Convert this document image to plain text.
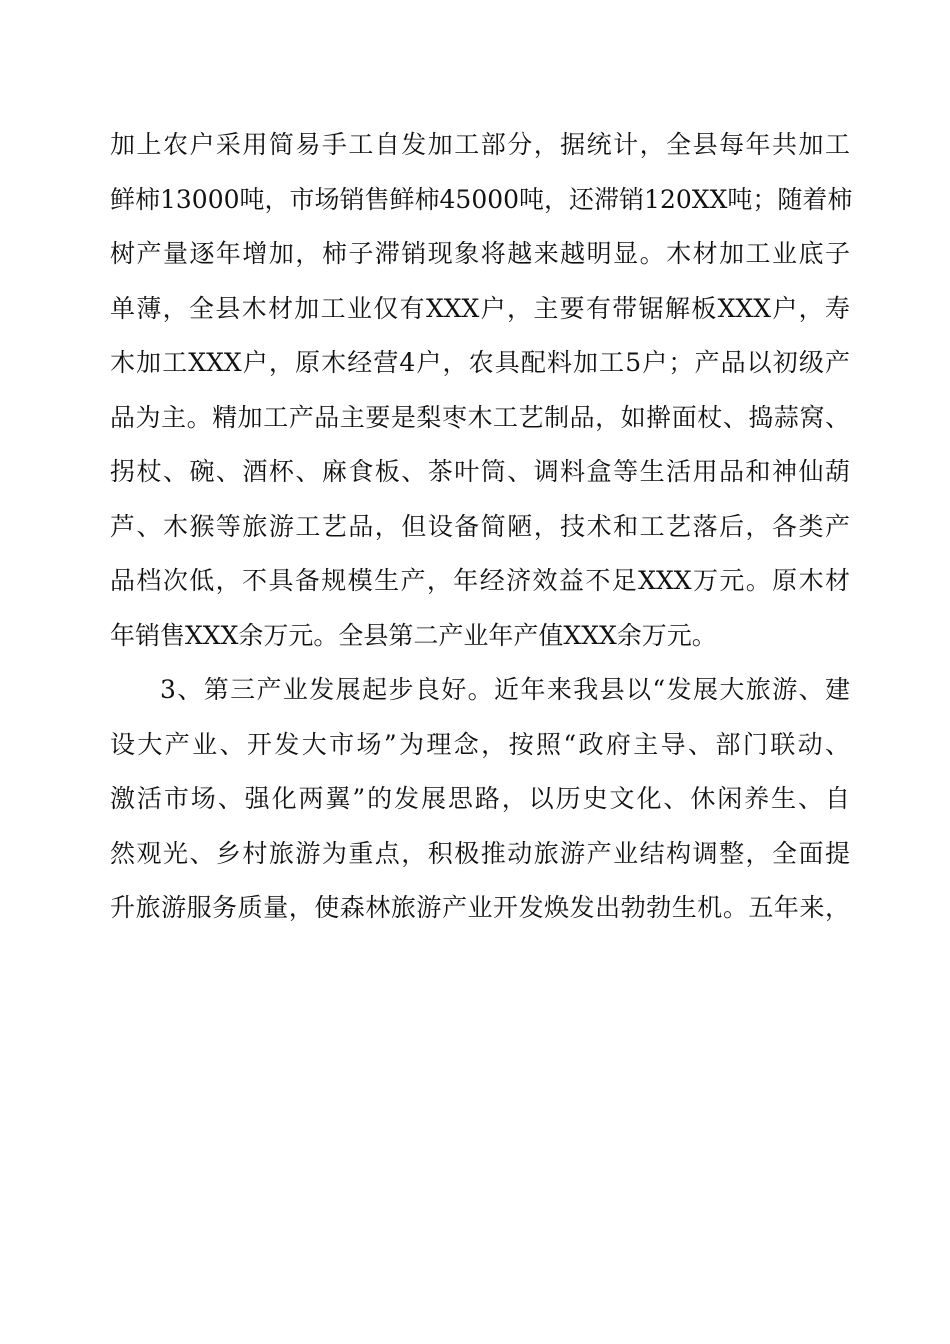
加上农户采用简易手工自发加工部分，据统计，全县每年共加工
鲜柿13000吨，市场销售鲜柿45000吨，还滞销120XX吨；随着柿
树产量逐年增加，柿子滞销现象将越来越明显。木材加工业底子
单薄，全县木材加工业仅有XXX户，主要有带锯解板XXX户，寿
木加工XXX户，原木经营4户，农具配料加工5户；产品以初级产
品为主。精加工产品主要是梨枣木工艺制品，如擀面杖、捣蒜窝、
拐杖、碗、酒杯、麻食板、茶叶筒、调料盒等生活用品和神仙葫
芦、木猴等旅游工艺品，但设备简陋，技术和工艺落后，各类产
品档次低，不具备规模生产，年经济效益不足XXX万元。原木材
年销售XXX余万元。全县第二产业年产值XXX余万元。
3、第三产业发展起步良好。近年来我县以“发展大旅游、建
设大产业、开发大市场”为理念，按照“政府主导、部门联动、
激活市场、强化两翼”的发展思路，以历史文化、休闲养生、自
然观光、乡村旅游为重点，积极推动旅游产业结构调整，全面提
升旅游服务质量，使森林旅游产业开发焕发出勃勃生机。五年来，
